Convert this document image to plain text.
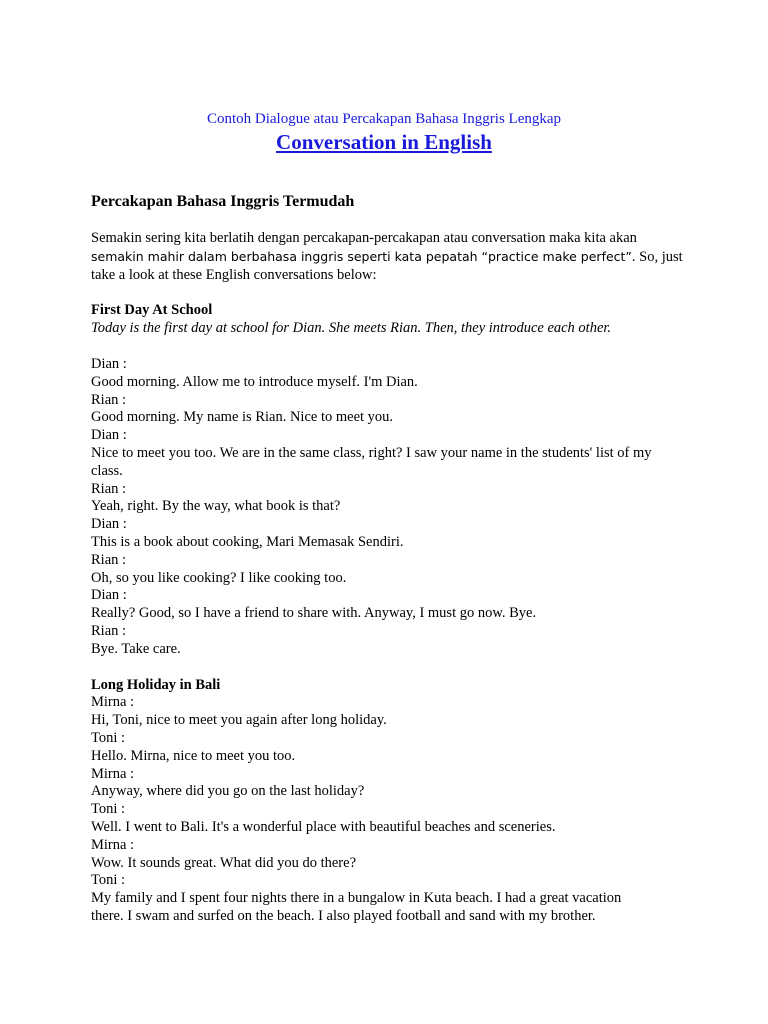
Contoh Dialogue atau Percakapan Bahasa Inggris Lengkap
Conversation in English

Percakapan Bahasa Inggris Termudah

Semakin sering kita berlatih dengan percakapan-percakapan atau conversation maka kita akan
semakin mahir dalam berbahasa inggris seperti kata pepatah “practice make perfect”. So, just
take a look at these English conversations below:

First Day At School

Today is the first day at school for Dian. She meets Rian. Then, they introduce each other.

Dian :
Good morning. Allow me to introduce myself. I'm Dian.
Rian :
Good morning. My name is Rian. Nice to meet you.
Dian :
Nice to meet you too. We are in the same class, right? I saw your name in the students' list of my
class.
Rian :
Yeah, right. By the way, what book is that?
Dian :
This is a book about cooking, Mari Memasak Sendiri.
Rian :
Oh, so you like cooking? I like cooking too.
Dian :
Really? Good, so I have a friend to share with. Anyway, I must go now. Bye.
Rian :
Bye. Take care.

Long Holiday in Bali

Mirna :
Hi, Toni, nice to meet you again after long holiday.
Toni :
Hello. Mirna, nice to meet you too.
Mirna :
Anyway, where did you go on the last holiday?
Toni :
Well. I went to Bali. It's a wonderful place with beautiful beaches and sceneries.
Mirna :
Wow. It sounds great. What did you do there?
Toni :
My family and I spent four nights there in a bungalow in Kuta beach. I had a great vacation
there. I swam and surfed on the beach. I also played football and sand with my brother.
